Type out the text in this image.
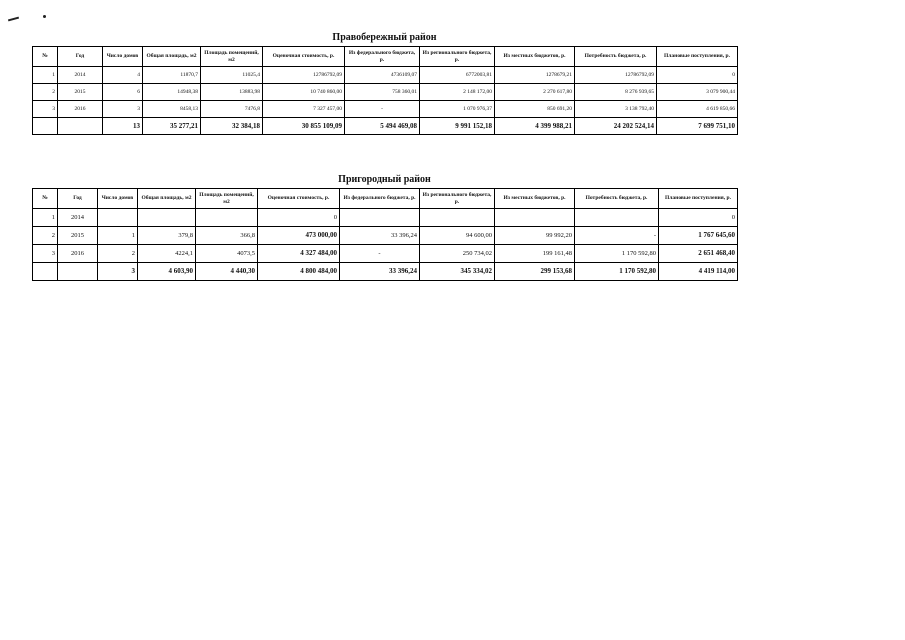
Правобережный район
№	Год	Число домов	Общая площадь, м2	Площадь помещений, м2	Оценочная стоимость, р.	Из федерального бюджета, р.	Из регионального бюджета, р.	Из местных бюджетов, р.	Потребность бюджета, р.	Плановые поступления, р.
1	2014	4	11870,7	11025,4	12786792,09	4736109,07	6772003,81	1278679,21	12786792,09	0
2	2015	6	14948,38	13883,98	10 740 860,00	758 360,01	2 148 172,00	2 270 617,80	8 276 939,65	3 079 900,44
3	2016	3	8458,13	7476,8	7 327 457,00	-	1 070 976,37	850 691,20	3 138 792,40	4 619 850,66
		13	35 277,21	32 384,18	30 855 109,09	5 494 469,08	9 991 152,18	4 399 988,21	24 202 524,14	7 699 751,10
Пригородный район
№	Год	Число домов	Общая площадь, м2	Площадь помещений, м2	Оценочная стоимость, р.	Из федерального бюджета, р.	Из регионального бюджета, р.	Из местных бюджетов, р.	Потребность бюджета, р.	Плановые поступления, р.
1	2014				0					0
2	2015	1	379,8	366,8	473 000,00	33 396,24	94 600,00	99 992,20	-	1 767 645,60
3	2016	2	4224,1	4073,5	4 327 484,00	-	250 734,02	199 161,48	1 170 592,80	2 651 468,40
		3	4 603,90	4 440,30	4 800 484,00	33 396,24	345 334,02	299 153,68	1 170 592,80	4 419 114,00
